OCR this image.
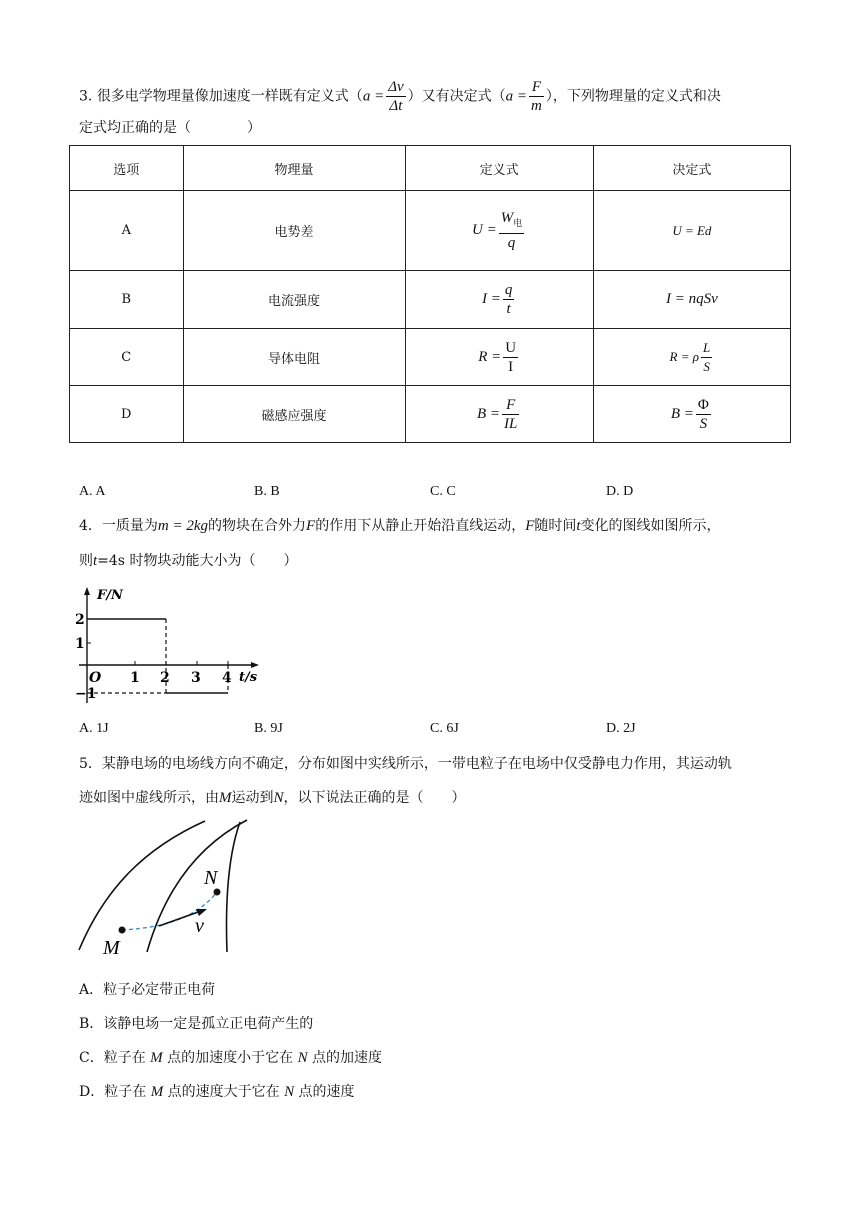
3. 很多电学物理量像加速度一样既有定义式（$a = \frac{\Delta v}{\Delta t}$ ）又有决定式（$a = \frac{F}{m}$ ），下列物理量的定义式和决
定式均正确的是（　　　　）
选项	物理量	定义式	决定式
A	电势差	$U = \frac{W_电}{q}$	U = Ed
B	电流强度	$I = \frac{q}{t}$	I = nqSv
C	导体电阻	$R = \frac{U}{I}$	R = ρ $\frac{L}{S}$

D	磁感应强度	$B = \frac{F}{IL}$	$B = \frac{\Phi}{S}$
A. A	B. B	C. C	D. D
4．一质量为m = 2kg的物块在合外力F的作用下从静止开始沿直线运动，F随时间t变化的图线如图所示，
则t=4s 时物块动能大小为（　　）
F/N
t/s
O 1 2 3 4
2
1
−1
A. 1J	B. 9J	C. 6J	D. 2J
5．某静电场的电场线方向不确定，分布如图中实线所示，一带电粒子在电场中仅受静电力作用，其运动轨
迹如图中虚线所示，由M运动到N，以下说法正确的是（　　）
M
N
v
A．粒子必定带正电荷
B．该静电场一定是孤立正电荷产生的
C．粒子在 M 点的加速度小于它在 N 点的加速度
D．粒子在 M 点的速度大于它在 N 点的速度
